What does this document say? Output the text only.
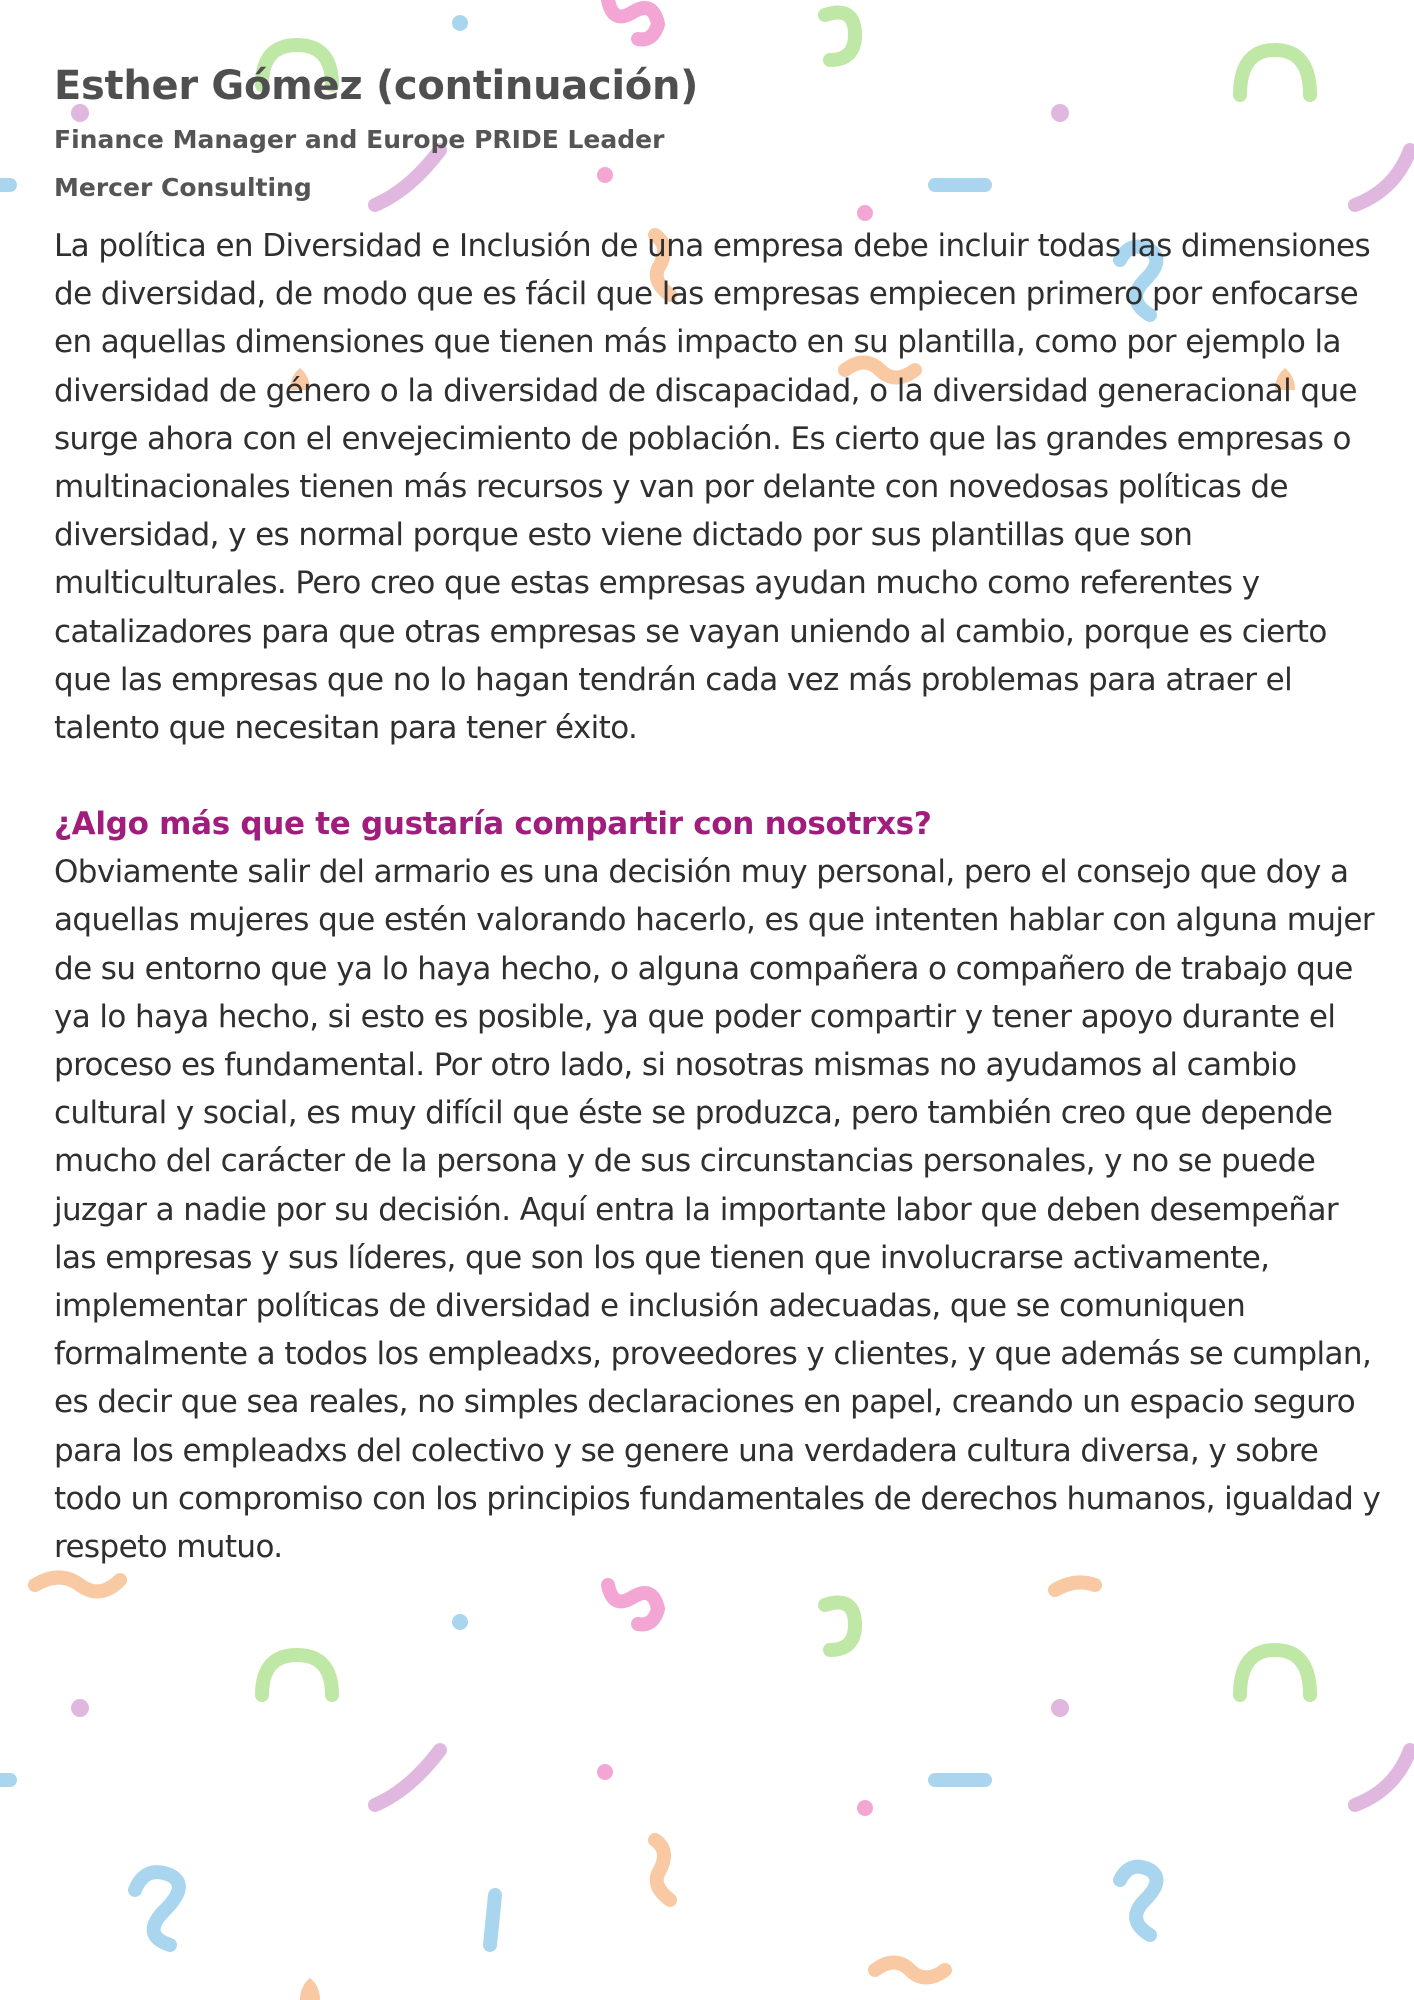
Esther Gómez (continuación)
Finance Manager and Europe PRIDE Leader
Mercer Consulting

La política en Diversidad e Inclusión de una empresa debe incluir todas las dimensiones de diversidad, de modo que es fácil que las empresas empiecen primero por enfocarse en aquellas dimensiones que tienen más impacto en su plantilla, como por ejemplo la diversidad de género o la diversidad de discapacidad, o la diversidad generacional que surge ahora con el envejecimiento de población. Es cierto que las grandes empresas o multinacionales tienen más recursos y van por delante con novedosas políticas de diversidad, y es normal porque esto viene dictado por sus plantillas que son multiculturales. Pero creo que estas empresas ayudan mucho como referentes y catalizadores para que otras empresas se vayan uniendo al cambio, porque es cierto que las empresas que no lo hagan tendrán cada vez más problemas para atraer el talento que necesitan para tener éxito.

¿Algo más que te gustaría compartir con nosotrxs?

Obviamente salir del armario es una decisión muy personal, pero el consejo que doy a aquellas mujeres que estén valorando hacerlo, es que intenten hablar con alguna mujer de su entorno que ya lo haya hecho, o alguna compañera o compañero de trabajo que ya lo haya hecho, si esto es posible, ya que poder compartir y tener apoyo durante el proceso es fundamental. Por otro lado, si nosotras mismas no ayudamos al cambio cultural y social, es muy difícil que éste se produzca, pero también creo que depende mucho del carácter de la persona y de sus circunstancias personales, y no se puede juzgar a nadie por su decisión. Aquí entra la importante labor que deben desempeñar las empresas y sus líderes, que son los que tienen que involucrarse activamente, implementar políticas de diversidad e inclusión adecuadas, que se comuniquen formalmente a todos los empleadxs, proveedores y clientes, y que además se cumplan, es decir que sea reales, no simples declaraciones en papel, creando un espacio seguro para los empleadxs del colectivo y se genere una verdadera cultura diversa, y sobre todo un compromiso con los principios fundamentales de derechos humanos, igualdad y respeto mutuo.
